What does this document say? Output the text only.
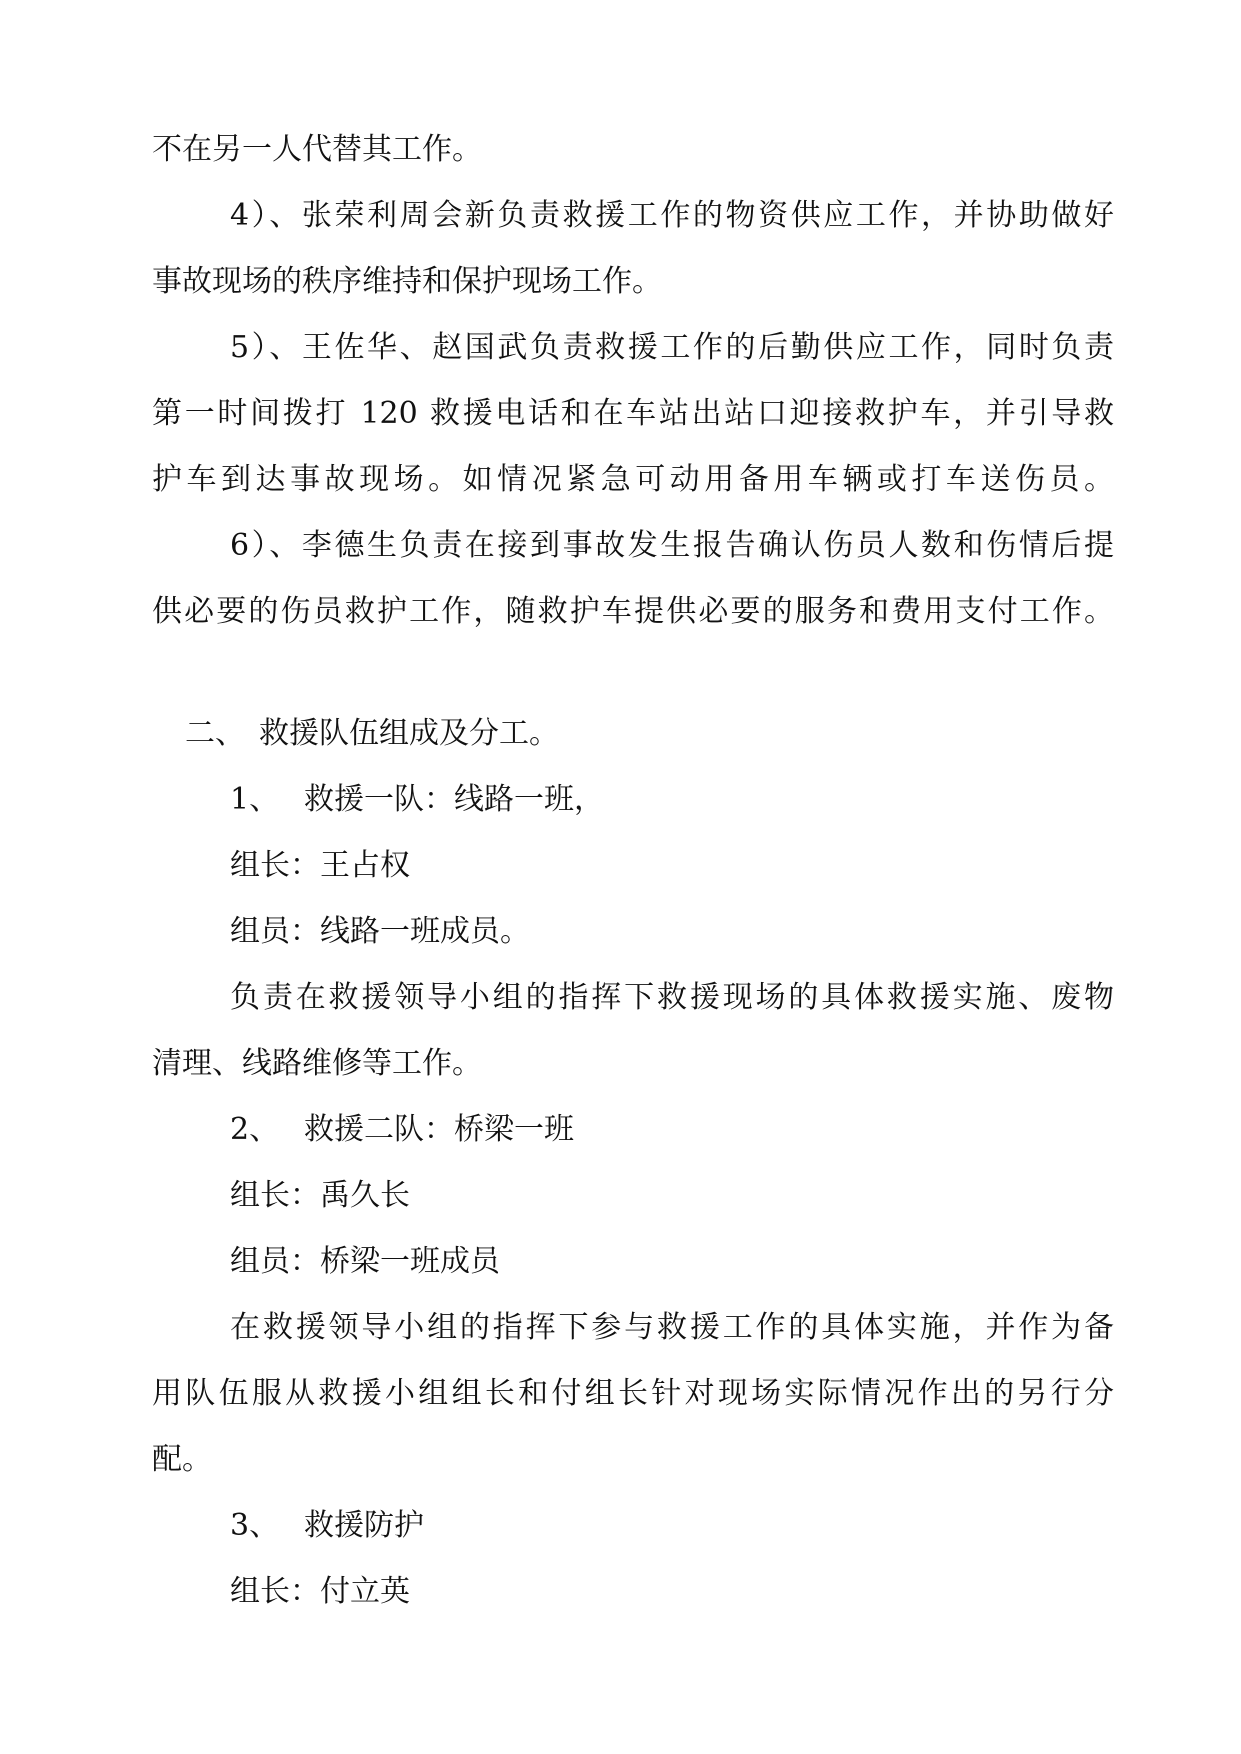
不在另一人代替其工作。
4）、张荣利周会新负责救援工作的物资供应工作，并协助做好
事故现场的秩序维持和保护现场工作。
5）、王佐华、赵国武负责救援工作的后勤供应工作，同时负责
第一时间拨打 120 救援电话和在车站出站口迎接救护车，并引导救
护车到达事故现场。如情况紧急可动用备用车辆或打车送伤员。
6）、李德生负责在接到事故发生报告确认伤员人数和伤情后提
供必要的伤员救护工作，随救护车提供必要的服务和费用支付工作。
二、 救援队伍组成及分工。
1、 救援一队：线路一班，
组长：王占权
组员：线路一班成员。
负责在救援领导小组的指挥下救援现场的具体救援实施、废物
清理、线路维修等工作。
2、 救援二队：桥梁一班
组长：禹久长
组员：桥梁一班成员
在救援领导小组的指挥下参与救援工作的具体实施，并作为备
用队伍服从救援小组组长和付组长针对现场实际情况作出的另行分
配。
3、 救援防护
组长：付立英
